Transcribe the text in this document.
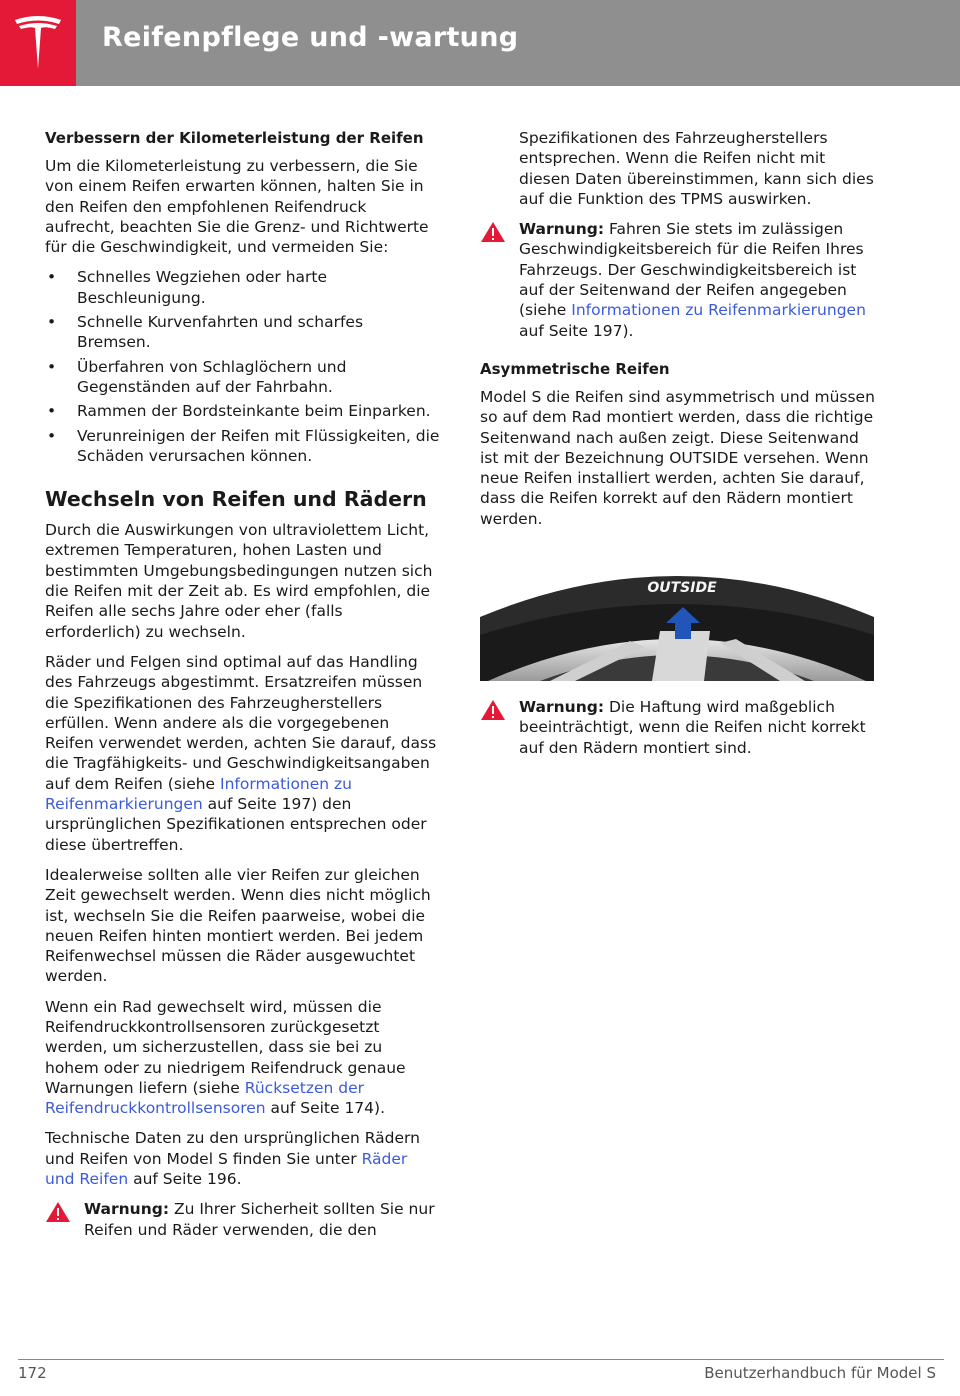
Reifenpflege und -wartung
Verbessern der Kilometerleistung der Reifen

Um die Kilometerleistung zu verbessern, die Sie von einem Reifen erwarten können, halten Sie in den Reifen den empfohlenen Reifendruck aufrecht, beachten Sie die Grenz- und Richtwerte für die Geschwindigkeit, und vermeiden Sie:

• Schnelles Wegziehen oder harte Beschleunigung.
• Schnelle Kurvenfahrten und scharfes Bremsen.
• Überfahren von Schlaglöchern und Gegenständen auf der Fahrbahn.
• Rammen der Bordsteinkante beim Einparken.
• Verunreinigen der Reifen mit Flüssigkeiten, die Schäden verursachen können.
Wechseln von Reifen und Rädern

Durch die Auswirkungen von ultraviolettem Licht, extremen Temperaturen, hohen Lasten und bestimmten Umgebungsbedingungen nutzen sich die Reifen mit der Zeit ab. Es wird empfohlen, die Reifen alle sechs Jahre oder eher (falls erforderlich) zu wechseln.

Räder und Felgen sind optimal auf das Handling des Fahrzeugs abgestimmt. Ersatzreifen müssen die Spezifikationen des Fahrzeugherstellers erfüllen. Wenn andere als die vorgegebenen Reifen verwendet werden, achten Sie darauf, dass die Tragfähigkeits- und Geschwindigkeitsangaben auf dem Reifen (siehe Informationen zu Reifenmarkierungen auf Seite 197) den ursprünglichen Spezifikationen entsprechen oder diese übertreffen.

Idealerweise sollten alle vier Reifen zur gleichen Zeit gewechselt werden. Wenn dies nicht möglich ist, wechseln Sie die Reifen paarweise, wobei die neuen Reifen hinten montiert werden. Bei jedem Reifenwechsel müssen die Räder ausgewuchtet werden.

Wenn ein Rad gewechselt wird, müssen die Reifendruckkontrollsensoren zurückgesetzt werden, um sicherzustellen, dass sie bei zu hohem oder zu niedrigem Reifendruck genaue Warnungen liefern (siehe Rücksetzen der Reifendruckkontrollsensoren auf Seite 174).

Technische Daten zu den ursprünglichen Rädern und Reifen von Model S finden Sie unter Räder und Reifen auf Seite 196.

Warnung: Zu Ihrer Sicherheit sollten Sie nur Reifen und Räder verwenden, die den

Spezifikationen des Fahrzeugherstellers entsprechen. Wenn die Reifen nicht mit diesen Daten übereinstimmen, kann sich dies auf die Funktion des TPMS auswirken.

Warnung: Fahren Sie stets im zulässigen Geschwindigkeitsbereich für die Reifen Ihres Fahrzeugs. Der Geschwindigkeitsbereich ist auf der Seitenwand der Reifen angegeben (siehe Informationen zu Reifenmarkierungen auf Seite 197).
Asymmetrische Reifen

Model S die Reifen sind asymmetrisch und müssen so auf dem Rad montiert werden, dass die richtige Seitenwand nach außen zeigt. Diese Seitenwand ist mit der Bezeichnung OUTSIDE versehen. Wenn neue Reifen installiert werden, achten Sie darauf, dass die Reifen korrekt auf den Rädern montiert werden.

OUTSIDE
Warnung: Die Haftung wird maßgeblich beeinträchtigt, wenn die Reifen nicht korrekt auf den Rädern montiert sind.
172	Benutzerhandbuch für Model S
